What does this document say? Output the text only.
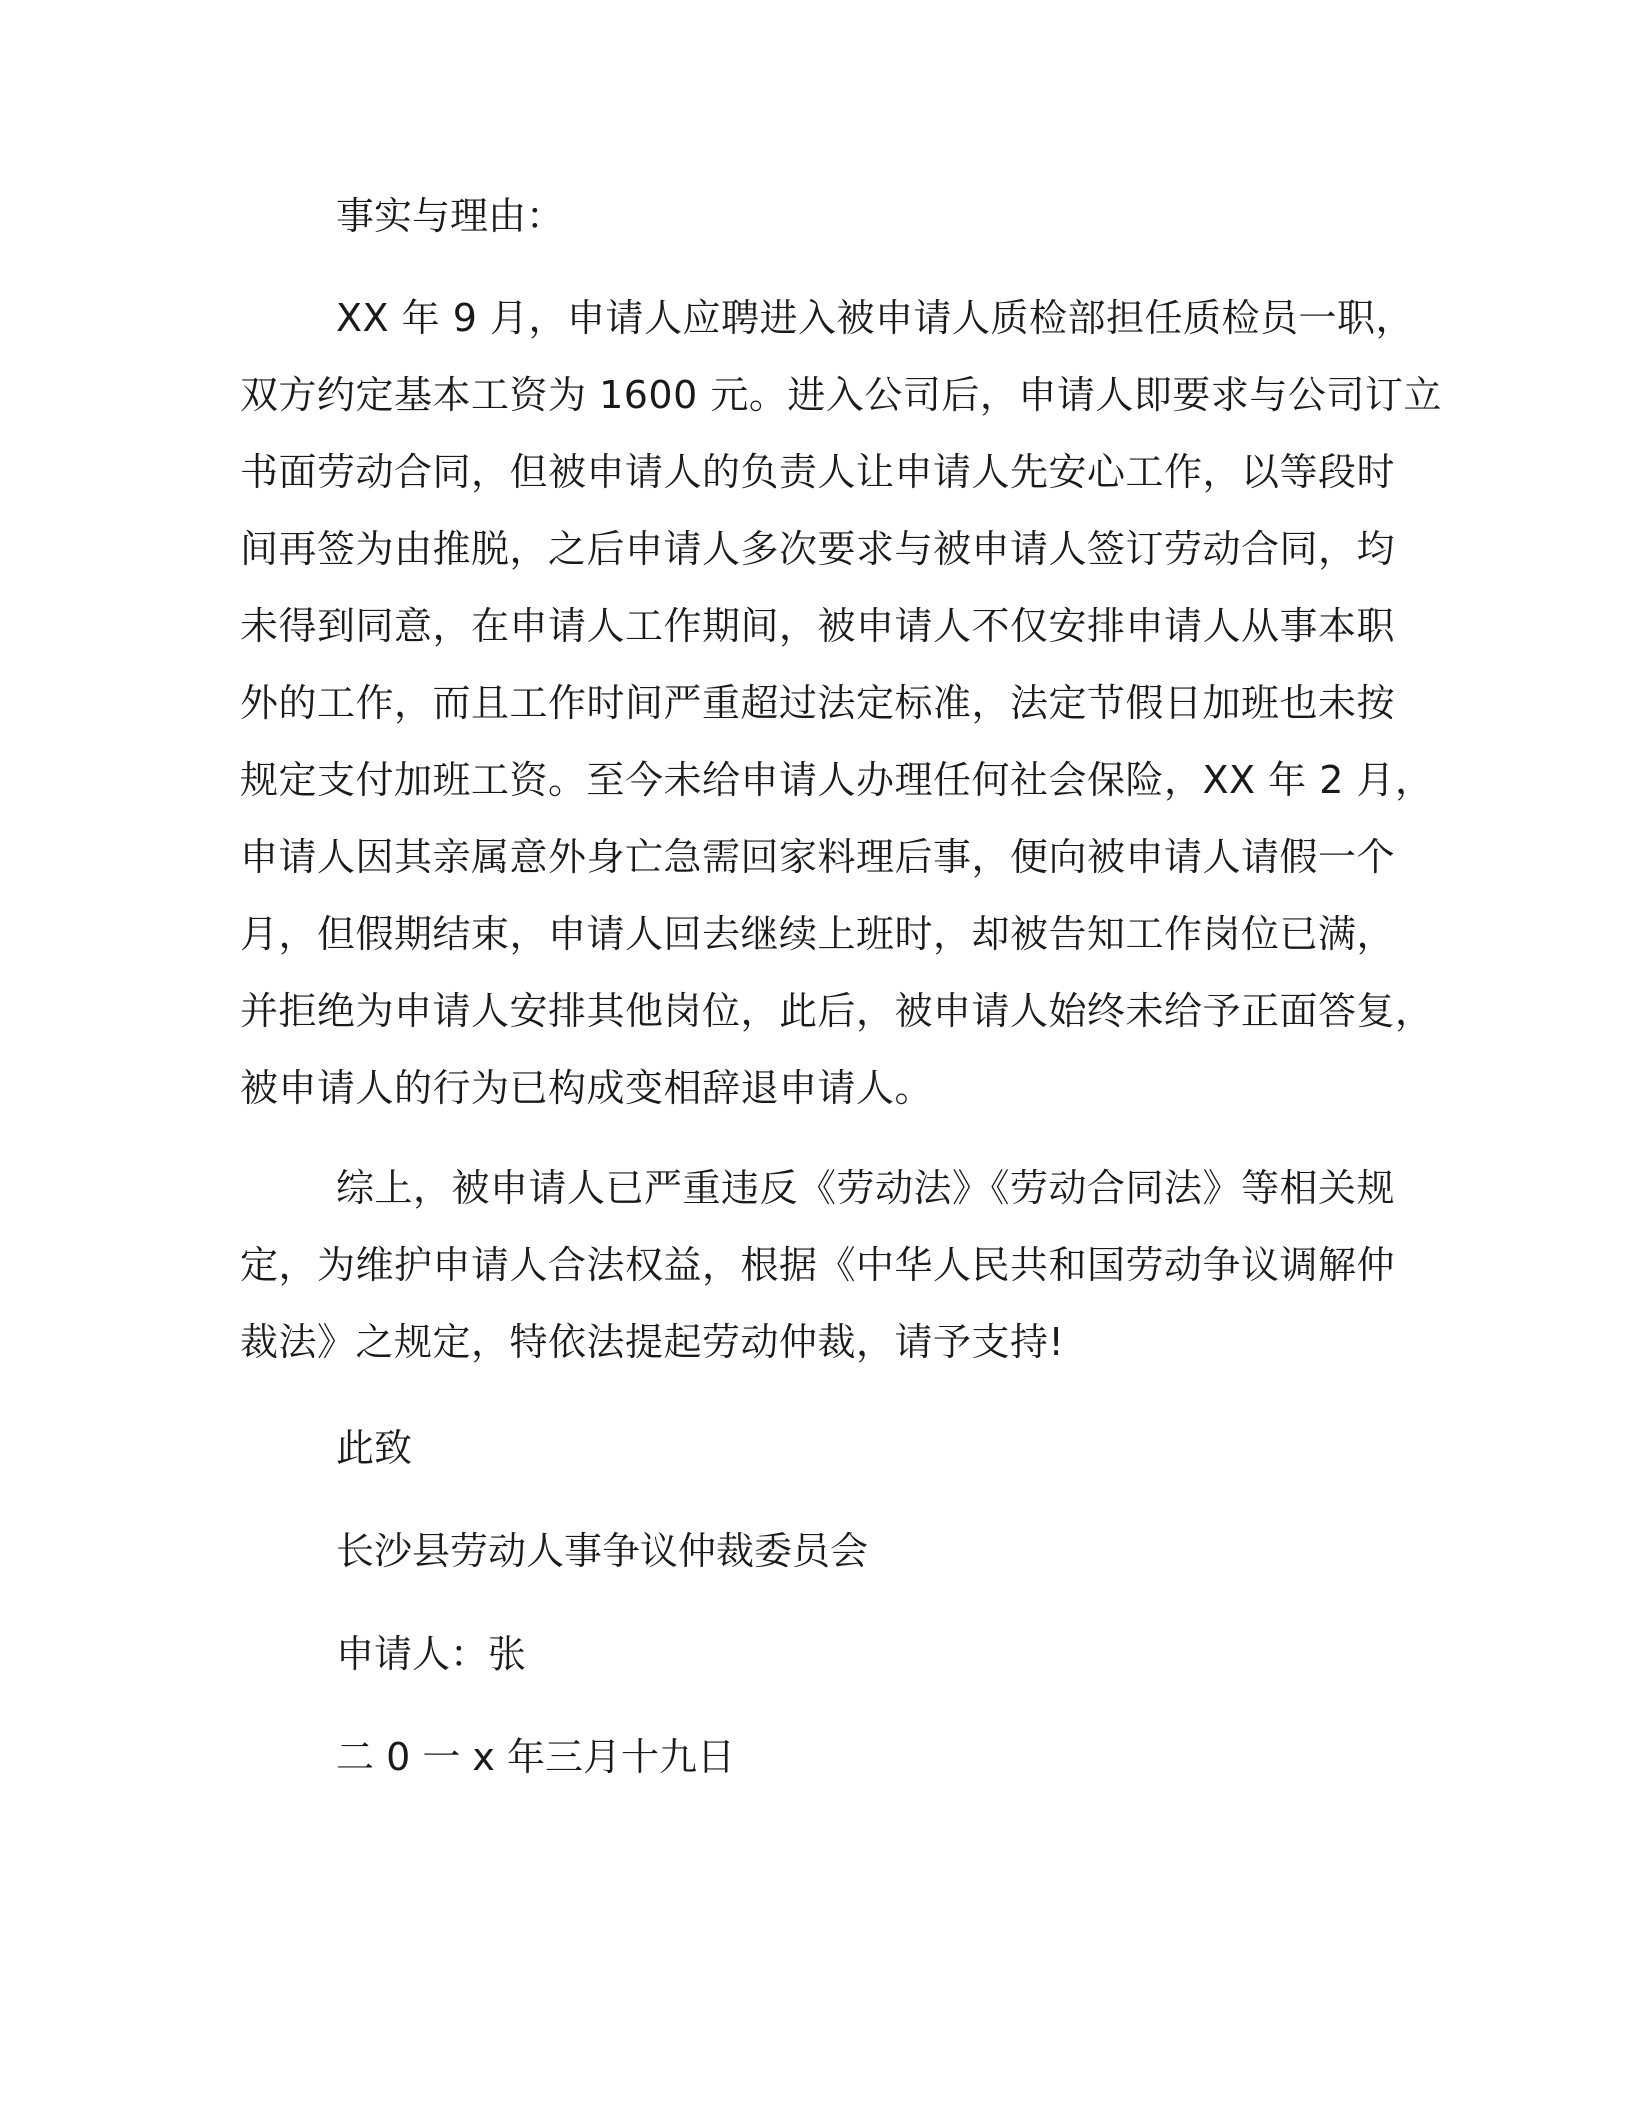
事实与理由：

XX 年 9 月，申请人应聘进入被申请人质检部担任质检员一职，
双方约定基本工资为 1600 元。进入公司后，申请人即要求与公司订立
书面劳动合同，但被申请人的负责人让申请人先安心工作，以等段时
间再签为由推脱，之后申请人多次要求与被申请人签订劳动合同，均
未得到同意，在申请人工作期间，被申请人不仅安排申请人从事本职
外的工作，而且工作时间严重超过法定标准，法定节假日加班也未按
规定支付加班工资。至今未给申请人办理任何社会保险，XX 年 2 月，
申请人因其亲属意外身亡急需回家料理后事，便向被申请人请假一个
月，但假期结束，申请人回去继续上班时，却被告知工作岗位已满，
并拒绝为申请人安排其他岗位，此后，被申请人始终未给予正面答复，
被申请人的行为已构成变相辞退申请人。
综上，被申请人已严重违反《劳动法》《劳动合同法》等相关规
定，为维护申请人合法权益，根据《中华人民共和国劳动争议调解仲
裁法》之规定，特依法提起劳动仲裁，请予支持!

此致

长沙县劳动人事争议仲裁委员会

申请人：张

二 0 一 x 年三月十九日
